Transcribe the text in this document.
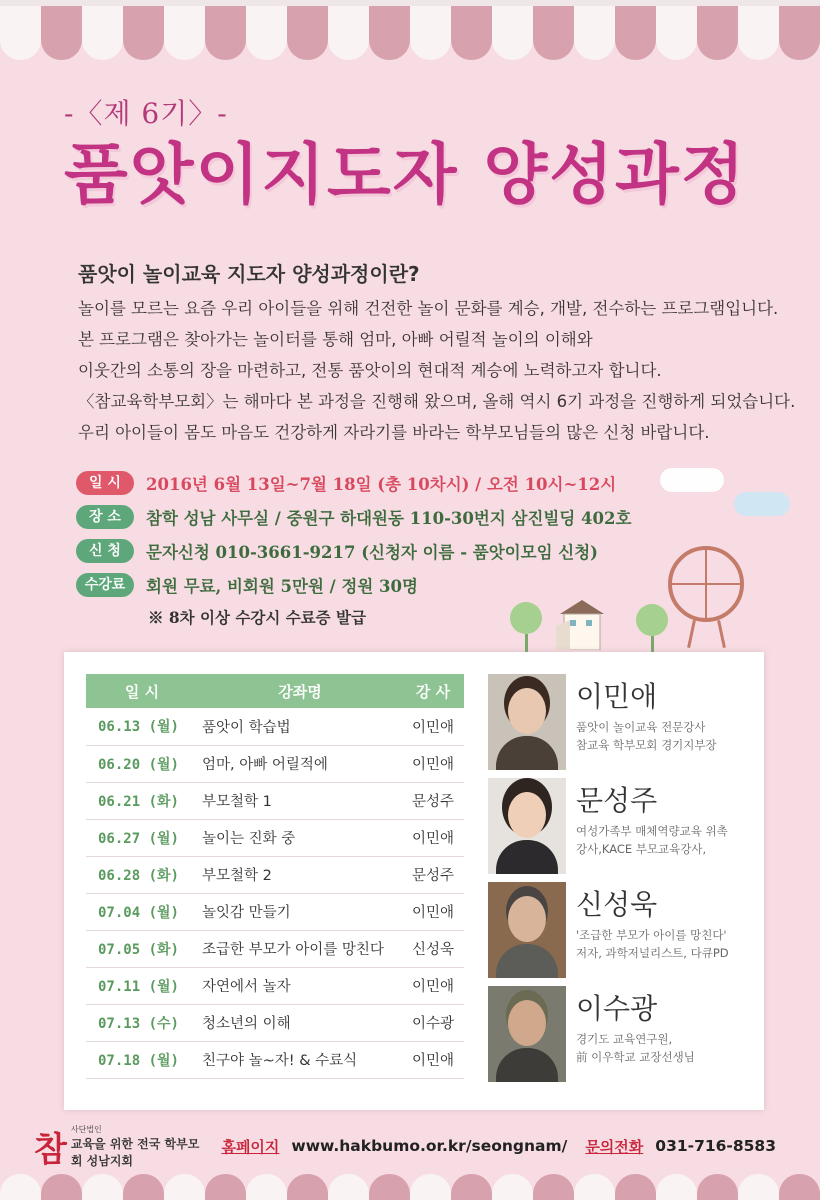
-〈제 6기〉-
품앗이지도자 양성과정
품앗이 놀이교육 지도자 양성과정이란?

놀이를 모르는 요즘 우리 아이들을 위해 건전한 놀이 문화를 계승, 개발, 전수하는 프로그램입니다.

본 프로그램은 찾아가는 놀이터를 통해 엄마, 아빠 어릴적 놀이의 이해와

이웃간의 소통의 장을 마련하고, 전통 품앗이의 현대적 계승에 노력하고자 합니다.

〈참교육학부모회〉는 해마다 본 과정을 진행해 왔으며, 올해 역시 6기 과정을 진행하게 되었습니다.

우리 아이들이 몸도 마음도 건강하게 자라기를 바라는 학부모님들의 많은 신청 바랍니다.

일 시	2016년 6월 13일~7월 18일 (총 10차시) / 오전 10시~12시
장 소	참학 성남 사무실 / 중원구 하대원동 110-30번지 삼진빌딩 402호
신 청	문자신청 010-3661-9217 (신청자 이름 - 품앗이모임 신청)
수강료	회원 무료, 비회원 5만원 / 정원 30명
※ 8차 이상 수강시 수료증 발급
일 시	강좌명	강 사
06.13 (월)	품앗이 학습법	이민애
06.20 (월)	엄마, 아빠 어릴적에	이민애
06.21 (화)	부모철학 1	문성주
06.27 (월)	놀이는 진화 중	이민애
06.28 (화)	부모철학 2	문성주
07.04 (월)	놀잇감 만들기	이민애
07.05 (화)	조급한 부모가 아이를 망친다	신성욱
07.11 (월)	자연에서 놀자	이민애
07.13 (수)	청소년의 이해	이수광
07.18 (월)	친구야 놀~자! & 수료식	이민애
이민애
품앗이 놀이교육 전문강사
참교육 학부모회 경기지부장
문성주
여성가족부 매체역량교육 위촉
강사,KACE 부모교육강사,
신성욱
'조급한 부모가 아이를 망친다'
저자, 과학저널리스트, 다큐PD
이수광
경기도 교육연구원,
前 이우학교 교장선생님
참
사단법인
교육을 위한 전국 학부모회 성남지회
홈페이지 www.hakbumo.or.kr/seongnam/ 문의전화 031-716-8583
